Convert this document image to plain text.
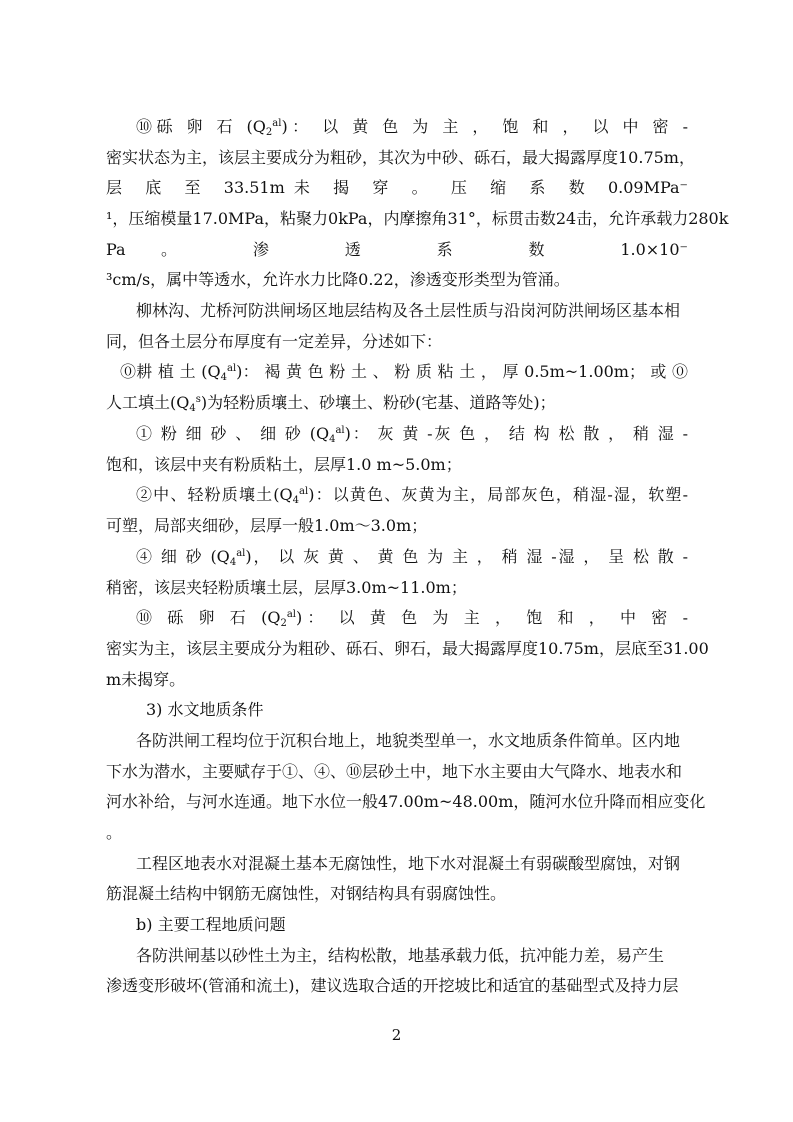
⑩砾 卵 石 $(Q_2^{al})$： 以 黄 色 为 主 ， 饱 和 ， 以 中 密 -
密实状态为主，该层主要成分为粗砂，其次为中砂、砾石，最大揭露厚度10.75m，
层 底 至 33.51m未 揭 穿 。 压 缩 系 数 0.09MPa⁻
¹，压缩模量17.0MPa，粘聚力0kPa，内摩擦角31°，标贯击数24击，允许承载力280k
Pa。 渗 透 系 数 1.0×10⁻
³cm/s，属中等透水，允许水力比降0.22，渗透变形类型为管涌。
柳林沟、尤桥河防洪闸场区地层结构及各土层性质与沿岗河防洪闸场区基本相
同，但各土层分布厚度有一定差异，分述如下：
⓪耕 植 土 $(Q_4^{al})$： 褐 黄 色 粉 土 、 粉 质 粘 土 ， 厚 0.5m~1.00m； 或 ⓪
人工填土$(Q_4^s)$为轻粉质壤土、砂壤土、粉砂(宅基、道路等处)；
① 粉 细 砂 、 细 砂 $(Q_4^{al})$： 灰 黄 -灰 色 ， 结 构 松 散 ， 稍 湿 -
饱和，该层中夹有粉质粘土，层厚1.0 m~5.0m；
②中、轻粉质壤土$(Q_4^{al})$：以黄色、灰黄为主，局部灰色，稍湿-湿，软塑-
可塑，局部夹细砂，层厚一般1.0m～3.0m；
④ 细 砂 $(Q_4^{al})$， 以 灰 黄 、 黄 色 为 主 ， 稍 湿 -湿 ， 呈 松 散 -
稍密，该层夹轻粉质壤土层，层厚3.0m~11.0m；
⑩ 砾 卵 石 $(Q_2^{al})$： 以 黄 色 为 主 ， 饱 和 ， 中 密 -
密实为主，该层主要成分为粗砂、砾石、卵石，最大揭露厚度10.75m，层底至31.00
m未揭穿。
3) 水文地质条件
各防洪闸工程均位于沉积台地上，地貌类型单一，水文地质条件简单。区内地
下水为潜水，主要赋存于①、④、⑩层砂土中，地下水主要由大气降水、地表水和
河水补给，与河水连通。地下水位一般47.00m~48.00m，随河水位升降而相应变化
。
工程区地表水对混凝土基本无腐蚀性，地下水对混凝土有弱碳酸型腐蚀，对钢
筋混凝土结构中钢筋无腐蚀性，对钢结构具有弱腐蚀性。
b) 主要工程地质问题
各防洪闸基以砂性土为主，结构松散，地基承载力低，抗冲能力差，易产生
渗透变形破坏(管涌和流土)，建议选取合适的开挖坡比和适宜的基础型式及持力层
2
